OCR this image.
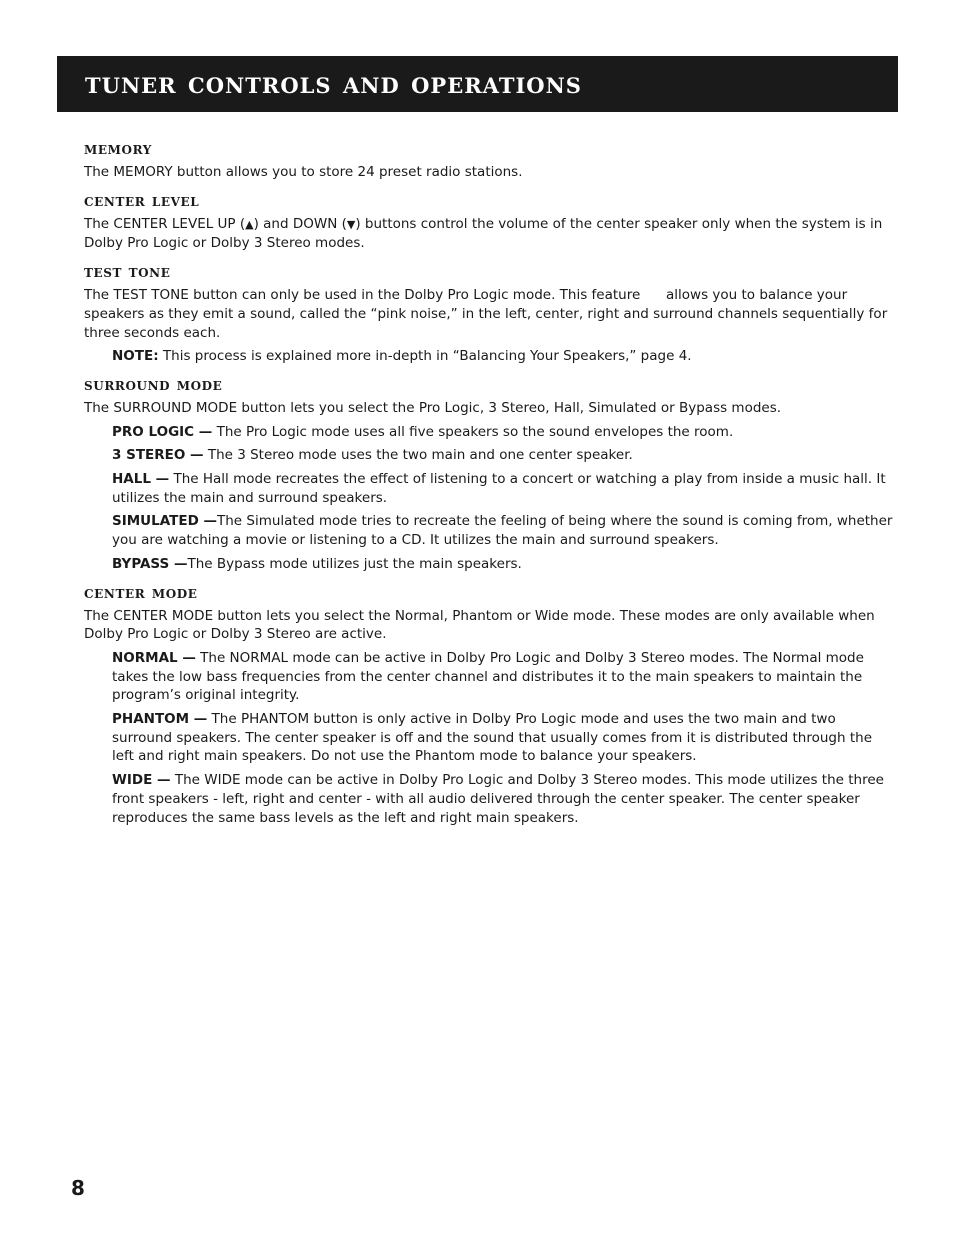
tuner controls and operations
memory

The MEMORY button allows you to store 24 preset radio stations.

center level

The CENTER LEVEL UP (▲) and DOWN (▼) buttons control the volume of the center speaker only when the system is in Dolby Pro Logic or Dolby 3 Stereo modes.

test tone

The TEST TONE button can only be used in the Dolby Pro Logic mode. This feature      allows you to balance your speakers as they emit a sound, called the “pink noise,” in the left, center, right and surround channels sequentially for three seconds each.

NOTE: This process is explained more in-depth in “Balancing Your Speakers,” page 4.

surround mode

The SURROUND MODE button lets you select the Pro Logic, 3 Stereo, Hall, Simulated or Bypass modes.

PRO LOGIC — The Pro Logic mode uses all five speakers so the sound envelopes the room.

3 STEREO — The 3 Stereo mode uses the two main and one center speaker.

HALL — The Hall mode recreates the effect of listening to a concert or watching a play from inside a music hall. It utilizes the main and surround speakers.

SIMULATED —The Simulated mode tries to recreate the feeling of being where the sound is coming from, whether you are watching a movie or listening to a CD. It utilizes the main and surround speakers.

BYPASS —The Bypass mode utilizes just the main speakers.

center mode

The CENTER MODE button lets you select the Normal, Phantom or Wide mode. These modes are only available when Dolby Pro Logic or Dolby 3 Stereo are active.

NORMAL — The NORMAL mode can be active in Dolby Pro Logic and Dolby 3 Stereo modes. The Normal mode takes the low bass frequencies from the center channel and distributes it to the main speakers to maintain the program’s original integrity.

PHANTOM — The PHANTOM button is only active in Dolby Pro Logic mode and uses the two main and two surround speakers. The center speaker is off and the sound that usually comes from it is distributed through the left and right main speakers. Do not use the Phantom mode to balance your speakers.

WIDE — The WIDE mode can be active in Dolby Pro Logic and Dolby 3 Stereo modes. This mode utilizes the three front speakers - left, right and center - with all audio delivered through the center speaker. The center speaker reproduces the same bass levels as the left and right main speakers.

8
